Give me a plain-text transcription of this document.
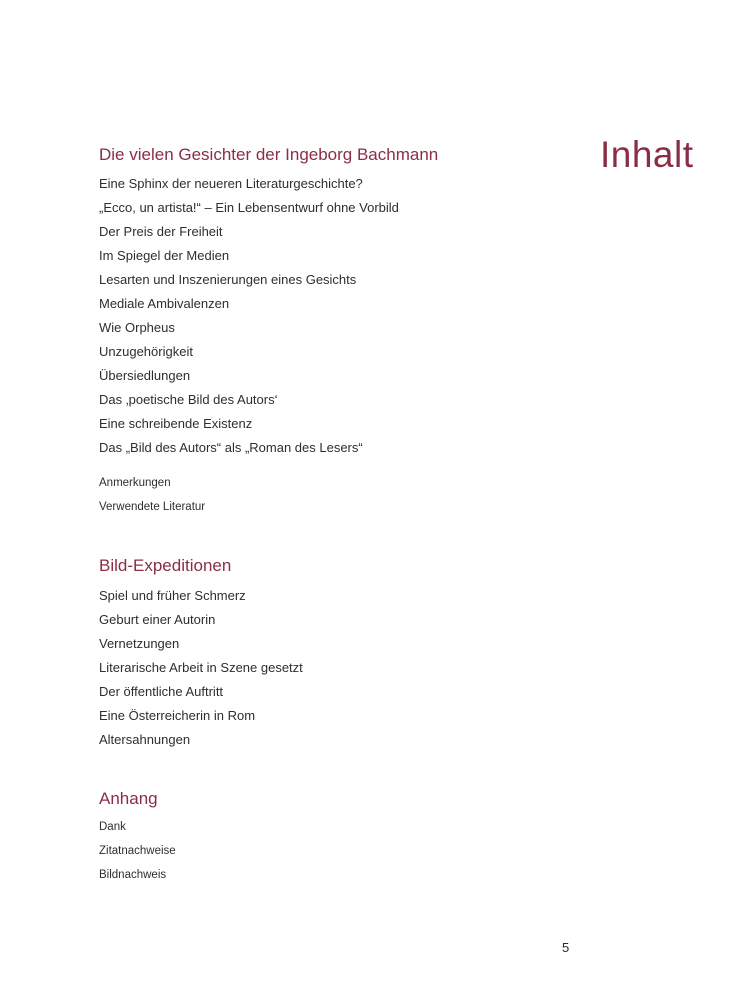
Inhalt
Die vielen Gesichter der Ingeborg Bachmann
Eine Sphinx der neueren Literaturgeschichte?
„Ecco, un artista!“ – Ein Lebensentwurf ohne Vorbild
Der Preis der Freiheit
Im Spiegel der Medien
Lesarten und Inszenierungen eines Gesichts
Mediale Ambivalenzen
Wie Orpheus
Unzugehörigkeit
Übersiedlungen
Das ‚poetische Bild des Autors‘
Eine schreibende Existenz
Das „Bild des Autors“ als „Roman des Lesers“
Anmerkungen
Verwendete Literatur
Bild-Expeditionen
Spiel und früher Schmerz
Geburt einer Autorin
Vernetzungen
Literarische Arbeit in Szene gesetzt
Der öffentliche Auftritt
Eine Österreicherin in Rom
Altersahnungen
Anhang
Dank
Zitatnachweise
Bildnachweis
5
